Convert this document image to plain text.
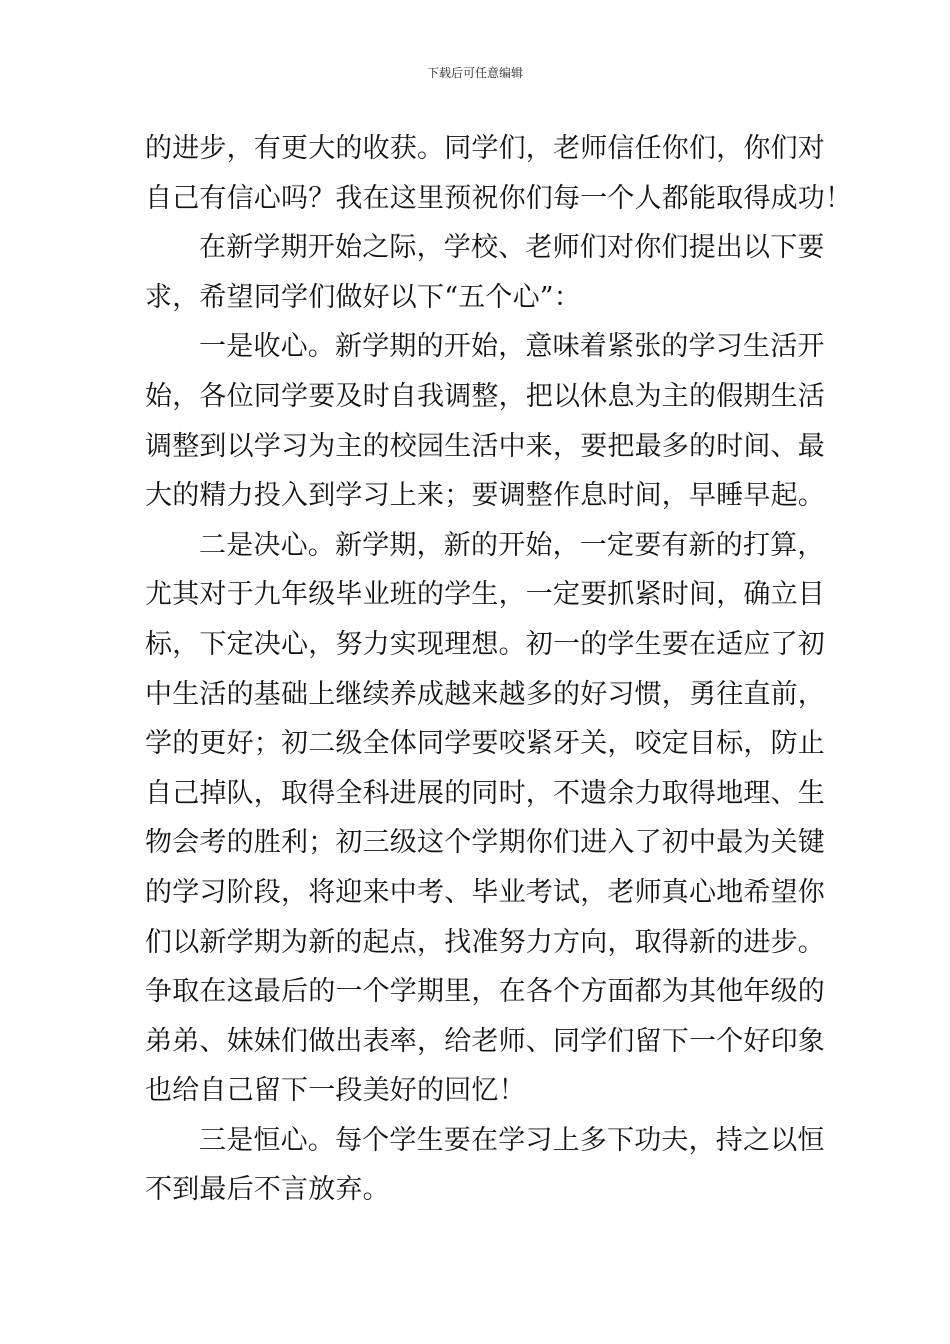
下载后可任意编辑
的进步，有更大的收获。同学们，老师信任你们，你们对
自己有信心吗？我在这里预祝你们每一个人都能取得成功！
在新学期开始之际，学校、老师们对你们提出以下要
求，希望同学们做好以下“五个心”：
一是收心。新学期的开始，意味着紧张的学习生活开
始，各位同学要及时自我调整，把以休息为主的假期生活
调整到以学习为主的校园生活中来，要把最多的时间、最
大的精力投入到学习上来；要调整作息时间，早睡早起。
二是决心。新学期，新的开始，一定要有新的打算，
尤其对于九年级毕业班的学生，一定要抓紧时间，确立目
标，下定决心，努力实现理想。初一的学生要在适应了初
中生活的基础上继续养成越来越多的好习惯，勇往直前，
学的更好；初二级全体同学要咬紧牙关，咬定目标，防止
自己掉队，取得全科进展的同时，不遗余力取得地理、生
物会考的胜利；初三级这个学期你们进入了初中最为关键
的学习阶段，将迎来中考、毕业考试，老师真心地希望你
们以新学期为新的起点，找准努力方向，取得新的进步。
争取在这最后的一个学期里，在各个方面都为其他年级的
弟弟、妹妹们做出表率，给老师、同学们留下一个好印象
也给自己留下一段美好的回忆！
三是恒心。每个学生要在学习上多下功夫，持之以恒
不到最后不言放弃。
